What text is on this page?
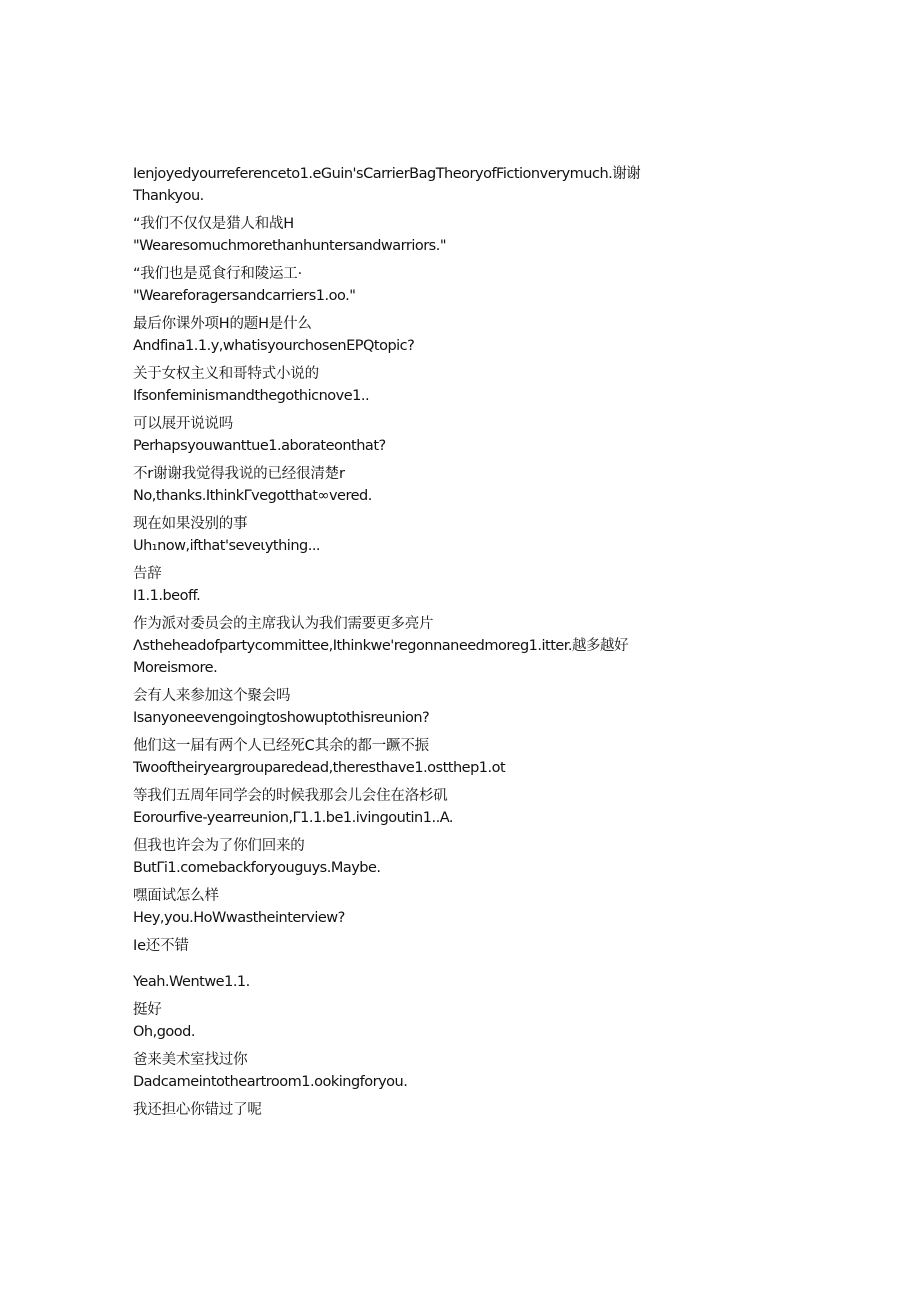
Ienjoyedyourreferenceto1.eGuin'sCarrierBagTheoryofFictionverymuch.谢谢
Thankyou.
“我们不仅仅是猎人和战H
"Wearesomuchmorethanhuntersandwarriors."
“我们也是觅食行和陵运工·
"Weareforagersandcarriers1.oo."
最后你课外项H的题H是什么
Andfina1.1.y,whatisyourchosenEPQtopic?
关于女权主义和哥特式小说的
Ifsonfeminismandthegothicnove1..
可以展开说说吗
Perhapsyouwanttue1.aborateonthat?
不r谢谢我觉得我说的已经很清楚r
No,thanks.IthinkΓvegotthat∞vered.
现在如果没别的事
Uh₁now,ifthat'seveιything...
告辞
I1.1.beoff.
作为派对委员会的主席我认为我们需要更多亮片
Λstheheadofpartycommittee,Ithinkwe'regonnaneedmoreg1.itter.越多越好
Moreismore.
会有人来参加这个聚会吗
Isanyoneevengoingtoshowuptothisreunion?
他们这一届有两个人已经死C其余的都一蹶不振
Twooftheiryeargrouparedead,theresthave1.ostthep1.ot
等我们五周年同学会的时候我那会儿会住在洛杉矶
Eorourfive-yearreunion,Γ1.1.be1.ivingoutin1..A.
但我也许会为了你们回来的
ButΓi1.comebackforyouguys.Maybe.
嘿面试怎么样
Hey,you.HoWwastheinterview?
Ie还不错
Yeah.Wentwe1.1.
挺好
Oh,good.
爸来美术室找过你
Dadcameintotheartroom1.ookingforyou.
我还担心你错过了呢
